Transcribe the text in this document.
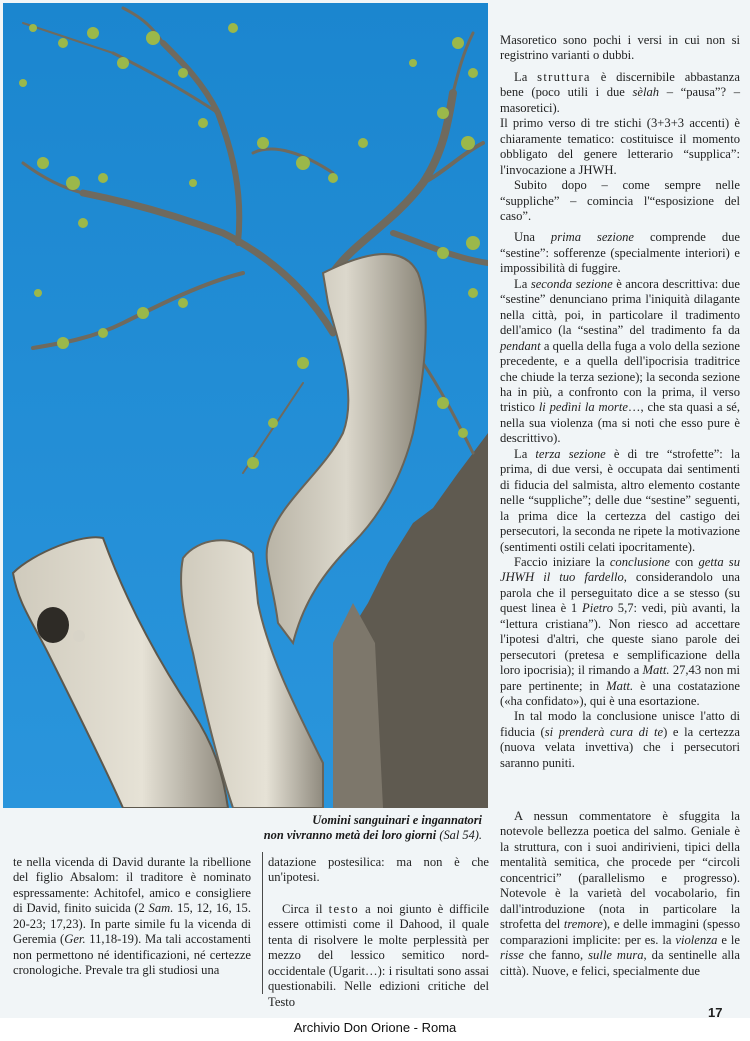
Uomini sanguinari e ingannatori
non vivranno metà dei loro giorni (Sal 54).

Masoretico sono pochi i versi in cui non si registrino varianti o dubbi.

La struttura è discernibile abbastanza bene (poco utili i due sèlah – “pausa”? – masoretici).

Il primo verso di tre stichi (3+3+3 accenti) è chiaramente tematico: costituisce il momento obbligato del genere letterario “supplica”: l'invocazione a JHWH.

Subito dopo – come sempre nelle “suppliche” – comincia l'“esposizione del caso”.

Una prima sezione comprende due “sestine”: sofferenze (specialmente interiori) e impossibilità di fuggire.

La seconda sezione è ancora descrittiva: due “sestine” denunciano prima l'iniquità dilagante nella città, poi, in particolare il tradimento dell'amico (la “sestina” del tradimento fa da pendant a quella della fuga a volo della sezione precedente, e a quella dell'ipocrisia traditrice che chiude la terza sezione); la seconda sezione ha in più, a confronto con la prima, il verso tristico li pedìni la morte…, che sta quasi a sé, nella sua violenza (ma si noti che esso pure è descrittivo).

La terza sezione è di tre “strofette”: la prima, di due versi, è occupata dai sentimenti di fiducia del salmista, altro elemento costante nelle “suppliche”; delle due “sestine” seguenti, la prima dice la certezza del castigo dei persecutori, la seconda ne ripete la motivazione (sentimenti ostili celati ipocritamente).

Faccio iniziare la conclusione con getta su JHWH il tuo fardello, considerandolo una parola che il perseguitato dice a se stesso (su quest linea è 1 Pietro 5,7: vedi, più avanti, la “lettura cristiana”). Non riesco ad accettare l'ipotesi d'altri, che queste siano parole dei persecutori (pretesa e semplificazione della loro ipocrisia); il rimando a Matt. 27,43 non mi pare pertinente; in Matt. è una costatazione («ha confidato»), qui è una esortazione.

In tal modo la conclusione unisce l'atto di fiducia (si prenderà cura di te) e la certezza (nuova velata invettiva) che i persecutori saranno puniti.

te nella vicenda di David durante la ribellione del figlio Absalom: il traditore è nominato espressamente: Achitofel, amico e consigliere di David, finito suicida (2 Sam. 15, 12, 16, 15. 20-23; 17,23). In parte simile fu la vicenda di Geremia (Ger. 11,18-19). Ma tali accostamenti non permettono né identificazioni, né certezze cronologiche. Prevale tra gli studiosi una

datazione postesilica: ma non è che un'ipotesi.

Circa il testo a noi giunto è difficile essere ottimisti come il Dahood, il quale tenta di risolvere le molte perplessità per mezzo del lessico semitico nord-occidentale (Ugarit…): i risultati sono assai questionabili. Nelle edizioni critiche del Testo

A nessun commentatore è sfuggita la notevole bellezza poetica del salmo. Geniale è la struttura, con i suoi andirivieni, tipici della mentalità semitica, che procede per “circoli concentrici” (parallelismo e progresso). Notevole è la varietà del vocabolario, fin dall'introduzione (nota in particolare la strofetta del tremore), e delle immagini (spesso comparazioni implicite: per es. la violenza e le risse che fanno, sulle mura, da sentinelle alla città). Nuove, e felici, specialmente due

17
Archivio Don Orione - Roma
